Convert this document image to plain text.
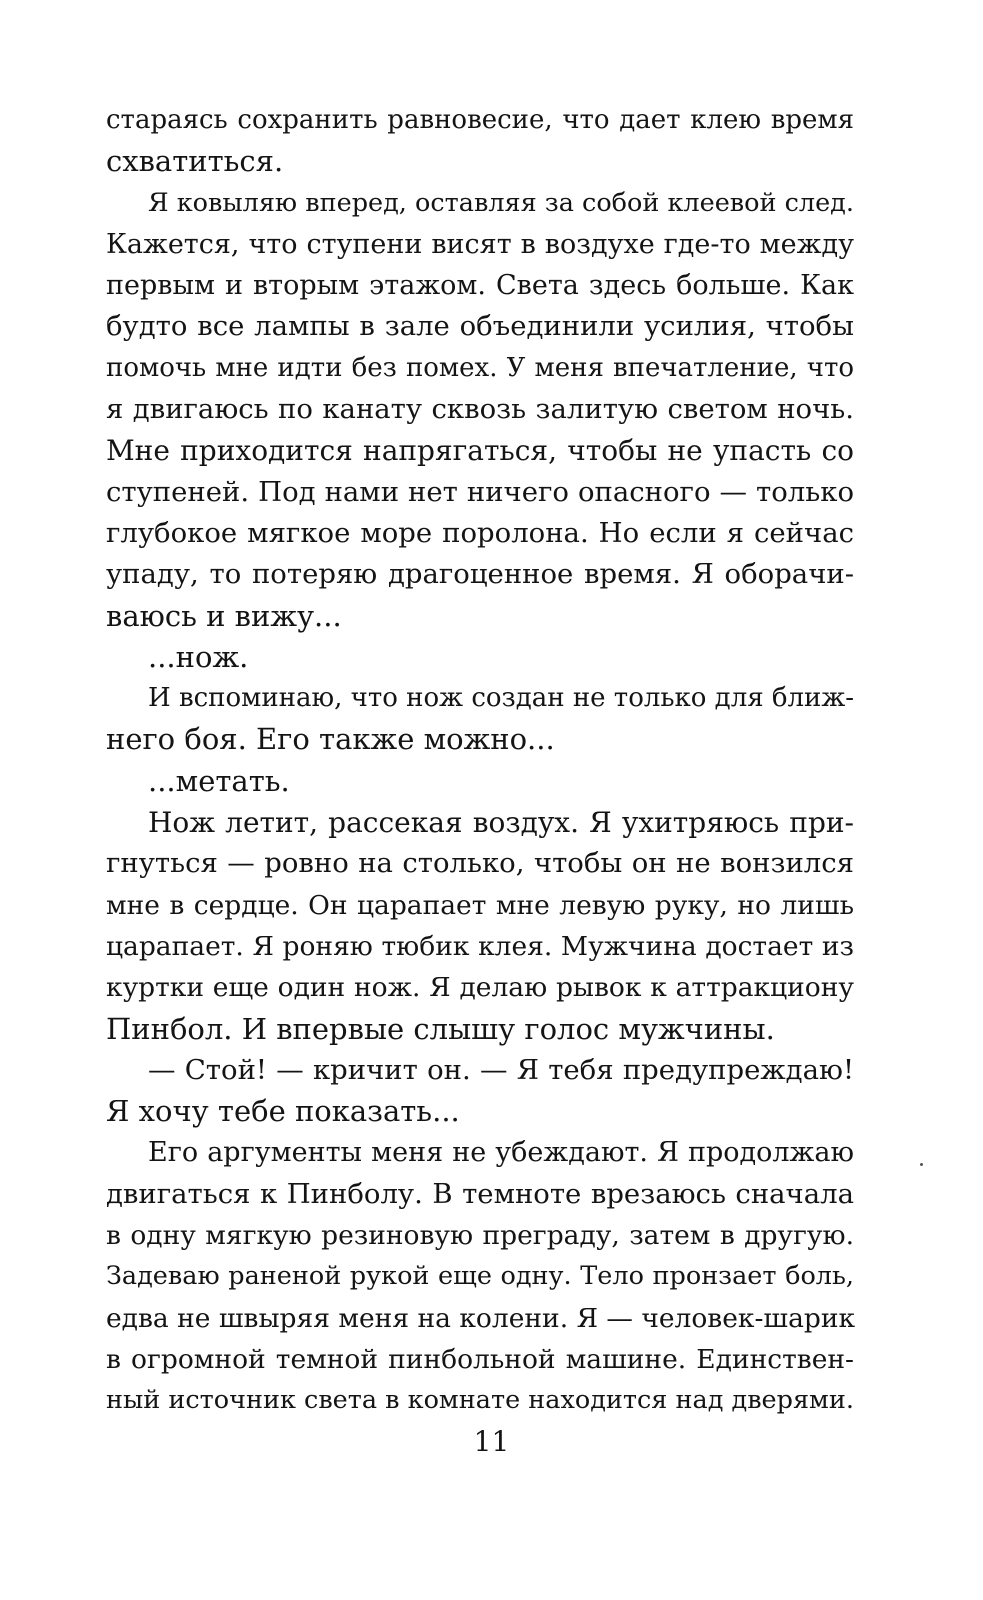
стараясь сохранить равновесие, что дает клею время
схватиться.
Я ковыляю вперед, оставляя за собой клеевой след.
Кажется, что ступени висят в воздухе где-то между
первым и вторым этажом. Света здесь больше. Как
будто все лампы в зале объединили усилия, чтобы
помочь мне идти без помех. У меня впечатление, что
я двигаюсь по канату сквозь залитую светом ночь.
Мне приходится напрягаться, чтобы не упасть со
ступеней. Под нами нет ничего опасного — только
глубокое мягкое море поролона. Но если я сейчас
упаду, то потеряю драгоценное время. Я оборачи-
ваюсь и вижу...
...нож.
И вспоминаю, что нож создан не только для ближ-
него боя. Его также можно...
...метать.
Нож летит, рассекая воздух. Я ухитряюсь при-
гнуться — ровно на столько, чтобы он не вонзился
мне в сердце. Он царапает мне левую руку, но лишь
царапает. Я роняю тюбик клея. Мужчина достает из
куртки еще один нож. Я делаю рывок к аттракциону
Пинбол. И впервые слышу голос мужчины.
— Стой! — кричит он. — Я тебя предупреждаю!
Я хочу тебе показать...
Его аргументы меня не убеждают. Я продолжаю
двигаться к Пинболу. В темноте врезаюсь сначала
в одну мягкую резиновую преграду, затем в другую.
Задеваю раненой рукой еще одну. Тело пронзает боль,
едва не швыряя меня на колени. Я — человек-шарик
в огромной темной пинбольной машине. Единствен-
ный источник света в комнате находится над дверями.
11
